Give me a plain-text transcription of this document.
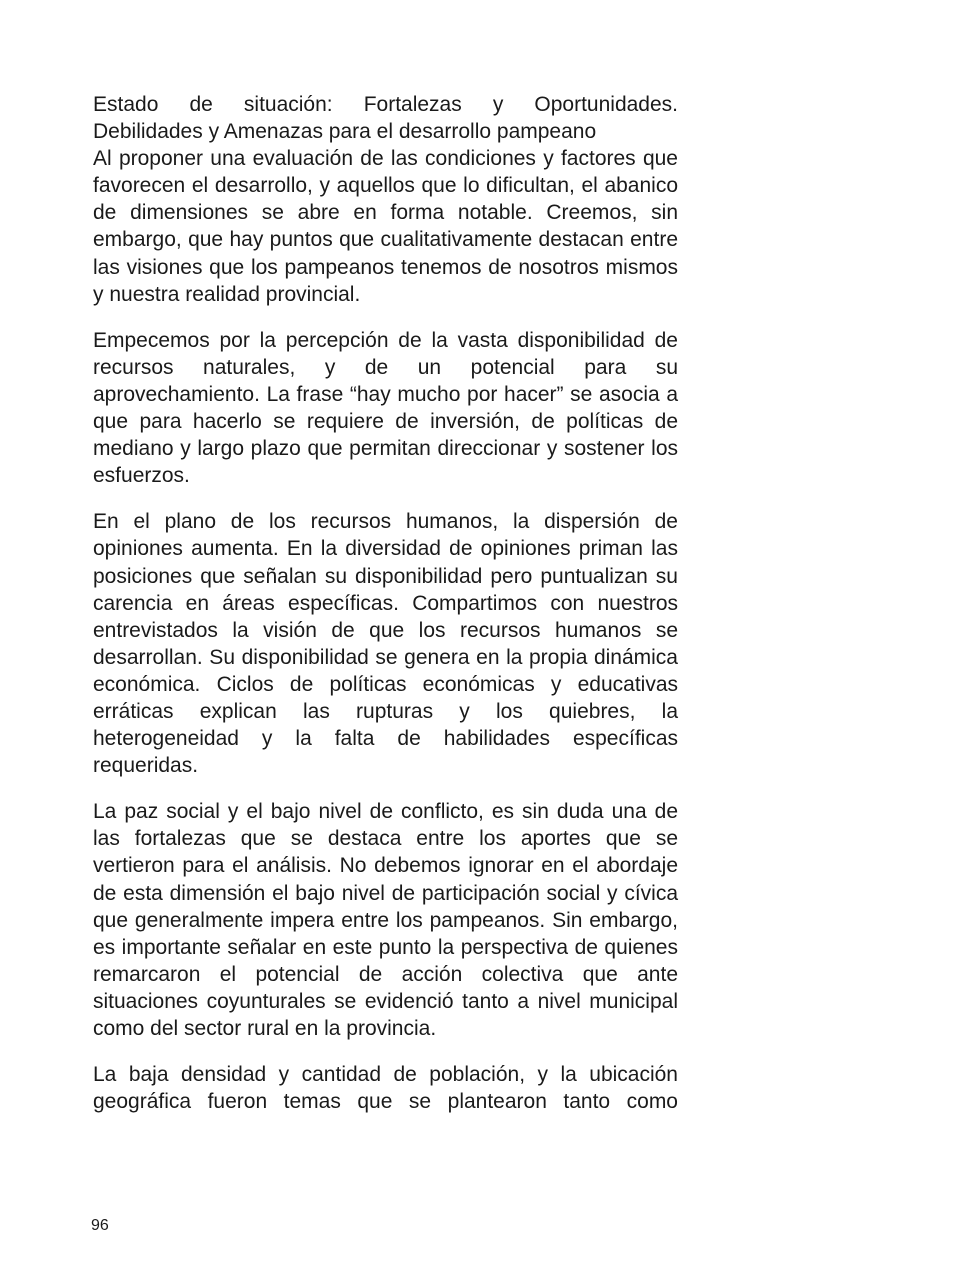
Estado de situación: Fortalezas y Oportunidades.

Debilidades y Amenazas para el desarrollo pampeano

Al proponer una evaluación de las condiciones y factores que favorecen el desarrollo, y aquellos que lo dificultan, el abanico de dimensiones se abre en forma notable. Creemos, sin embargo, que hay puntos que cualitativamente destacan entre las visiones que los pampeanos tenemos de nosotros mismos y nuestra realidad provincial.

Empecemos por la percepción de la vasta disponibilidad de recursos naturales, y de un potencial para su aprovechamiento. La frase “hay mucho por hacer” se asocia a que para hacerlo se requiere de inversión, de políticas de mediano y largo plazo que permitan direccionar y sostener los esfuerzos.

En el plano de los recursos humanos, la dispersión de opiniones aumenta. En la diversidad de opiniones priman las posiciones que señalan su disponibilidad pero puntualizan su carencia en áreas específicas. Compartimos con nuestros entrevistados la visión de que los recursos humanos se desarrollan. Su disponibilidad se genera en la propia dinámica económica. Ciclos de políticas económicas y educativas erráticas explican las rupturas y los quiebres, la heterogeneidad y la falta de habilidades específicas requeridas.

La paz social y el bajo nivel de conflicto, es sin duda una de las fortalezas que se destaca entre los aportes que se vertieron para el análisis. No debemos ignorar en el abordaje de esta dimensión el bajo nivel de participación social y cívica que generalmente impera entre los pampeanos. Sin embargo, es importante señalar en este punto la perspectiva de quienes remarcaron el potencial de acción colectiva que ante situaciones coyunturales se evidenció tanto a nivel municipal como del sector rural en la provincia.

La baja densidad y cantidad de población, y la ubicación geográfica fueron temas que se plantearon tanto como

96
